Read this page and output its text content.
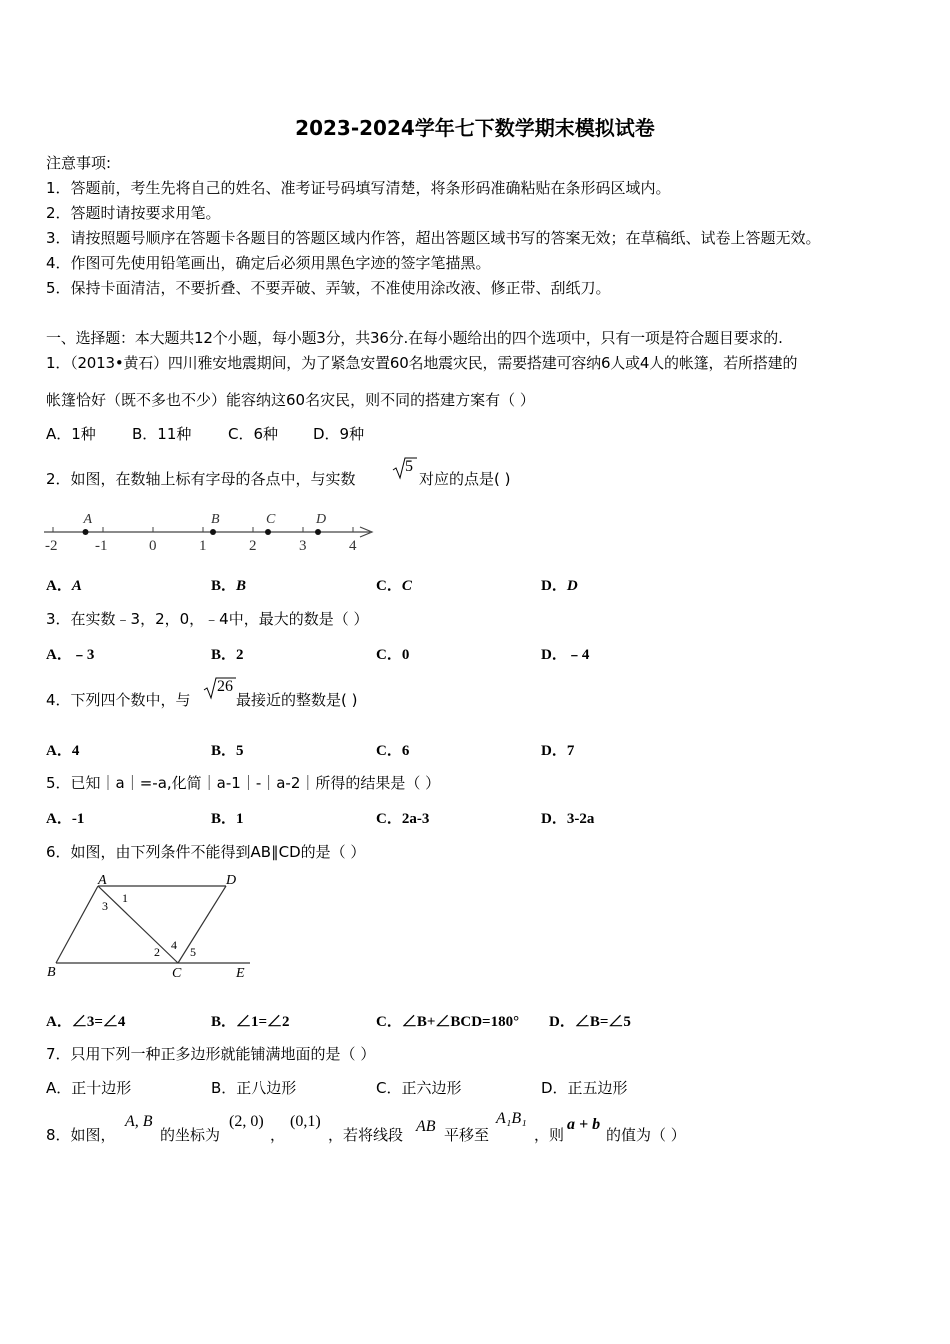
2023-2024学年七下数学期末模拟试卷
注意事项:
1．答题前，考生先将自己的姓名、准考证号码填写清楚，将条形码准确粘贴在条形码区域内。
2．答题时请按要求用笔。
3．请按照题号顺序在答题卡各题目的答题区域内作答，超出答题区域书写的答案无效；在草稿纸、试卷上答题无效。
4．作图可先使用铅笔画出，确定后必须用黑色字迹的签字笔描黑。
5．保持卡面清洁，不要折叠、不要弄破、弄皱，不准使用涂改液、修正带、刮纸刀。
一、选择题：本大题共12个小题，每小题3分，共36分.在每小题给出的四个选项中，只有一项是符合题目要求的.
1．（2013•黄石）四川雅安地震期间，为了紧急安置60名地震灾民，需要搭建可容纳6人或4人的帐篷，若所搭建的
帐篷恰好（既不多也不少）能容纳这60名灾民，则不同的搭建方案有（ ）
A．1种 B．11种 C．6种 D．9种
2．如图，在数轴上标有字母的各点中，与实数
5
对应的点是( )
-2	-1	0	1	2	3	4
A	B	C	D
A．A	B．B	C．C	D．D
3．在实数﹣3，2，0，﹣4中，最大的数是（ ）
A．﹣3	B．2	C．0	D．﹣4
4．下列四个数中，与
26
最接近的整数是( )
A．4	B．5	C．6	D．7
5．已知｜a｜=-a,化简｜a-1｜-｜a-2｜所得的结果是（ ）
A．-1	B．1	C．2a-3	D．3-2a
6．如图，由下列条件不能得到AB∥CD的是（ ）
A	D
B	C	E
1
2
3
4 5
A．∠3=∠4	B．∠1=∠2	C．∠B+∠BCD=180° D．∠B=∠5
7．只用下列一种正多边形就能铺满地面的是（ ）
A．正十边形	B．正八边形	C．正六边形	D．正五边形
8．如图，
A, B
的坐标为
(2, 0)
，
(0,1)
，若将线段 AB 平移至
A₁B₁
，则
a + b
的值为（ ）
